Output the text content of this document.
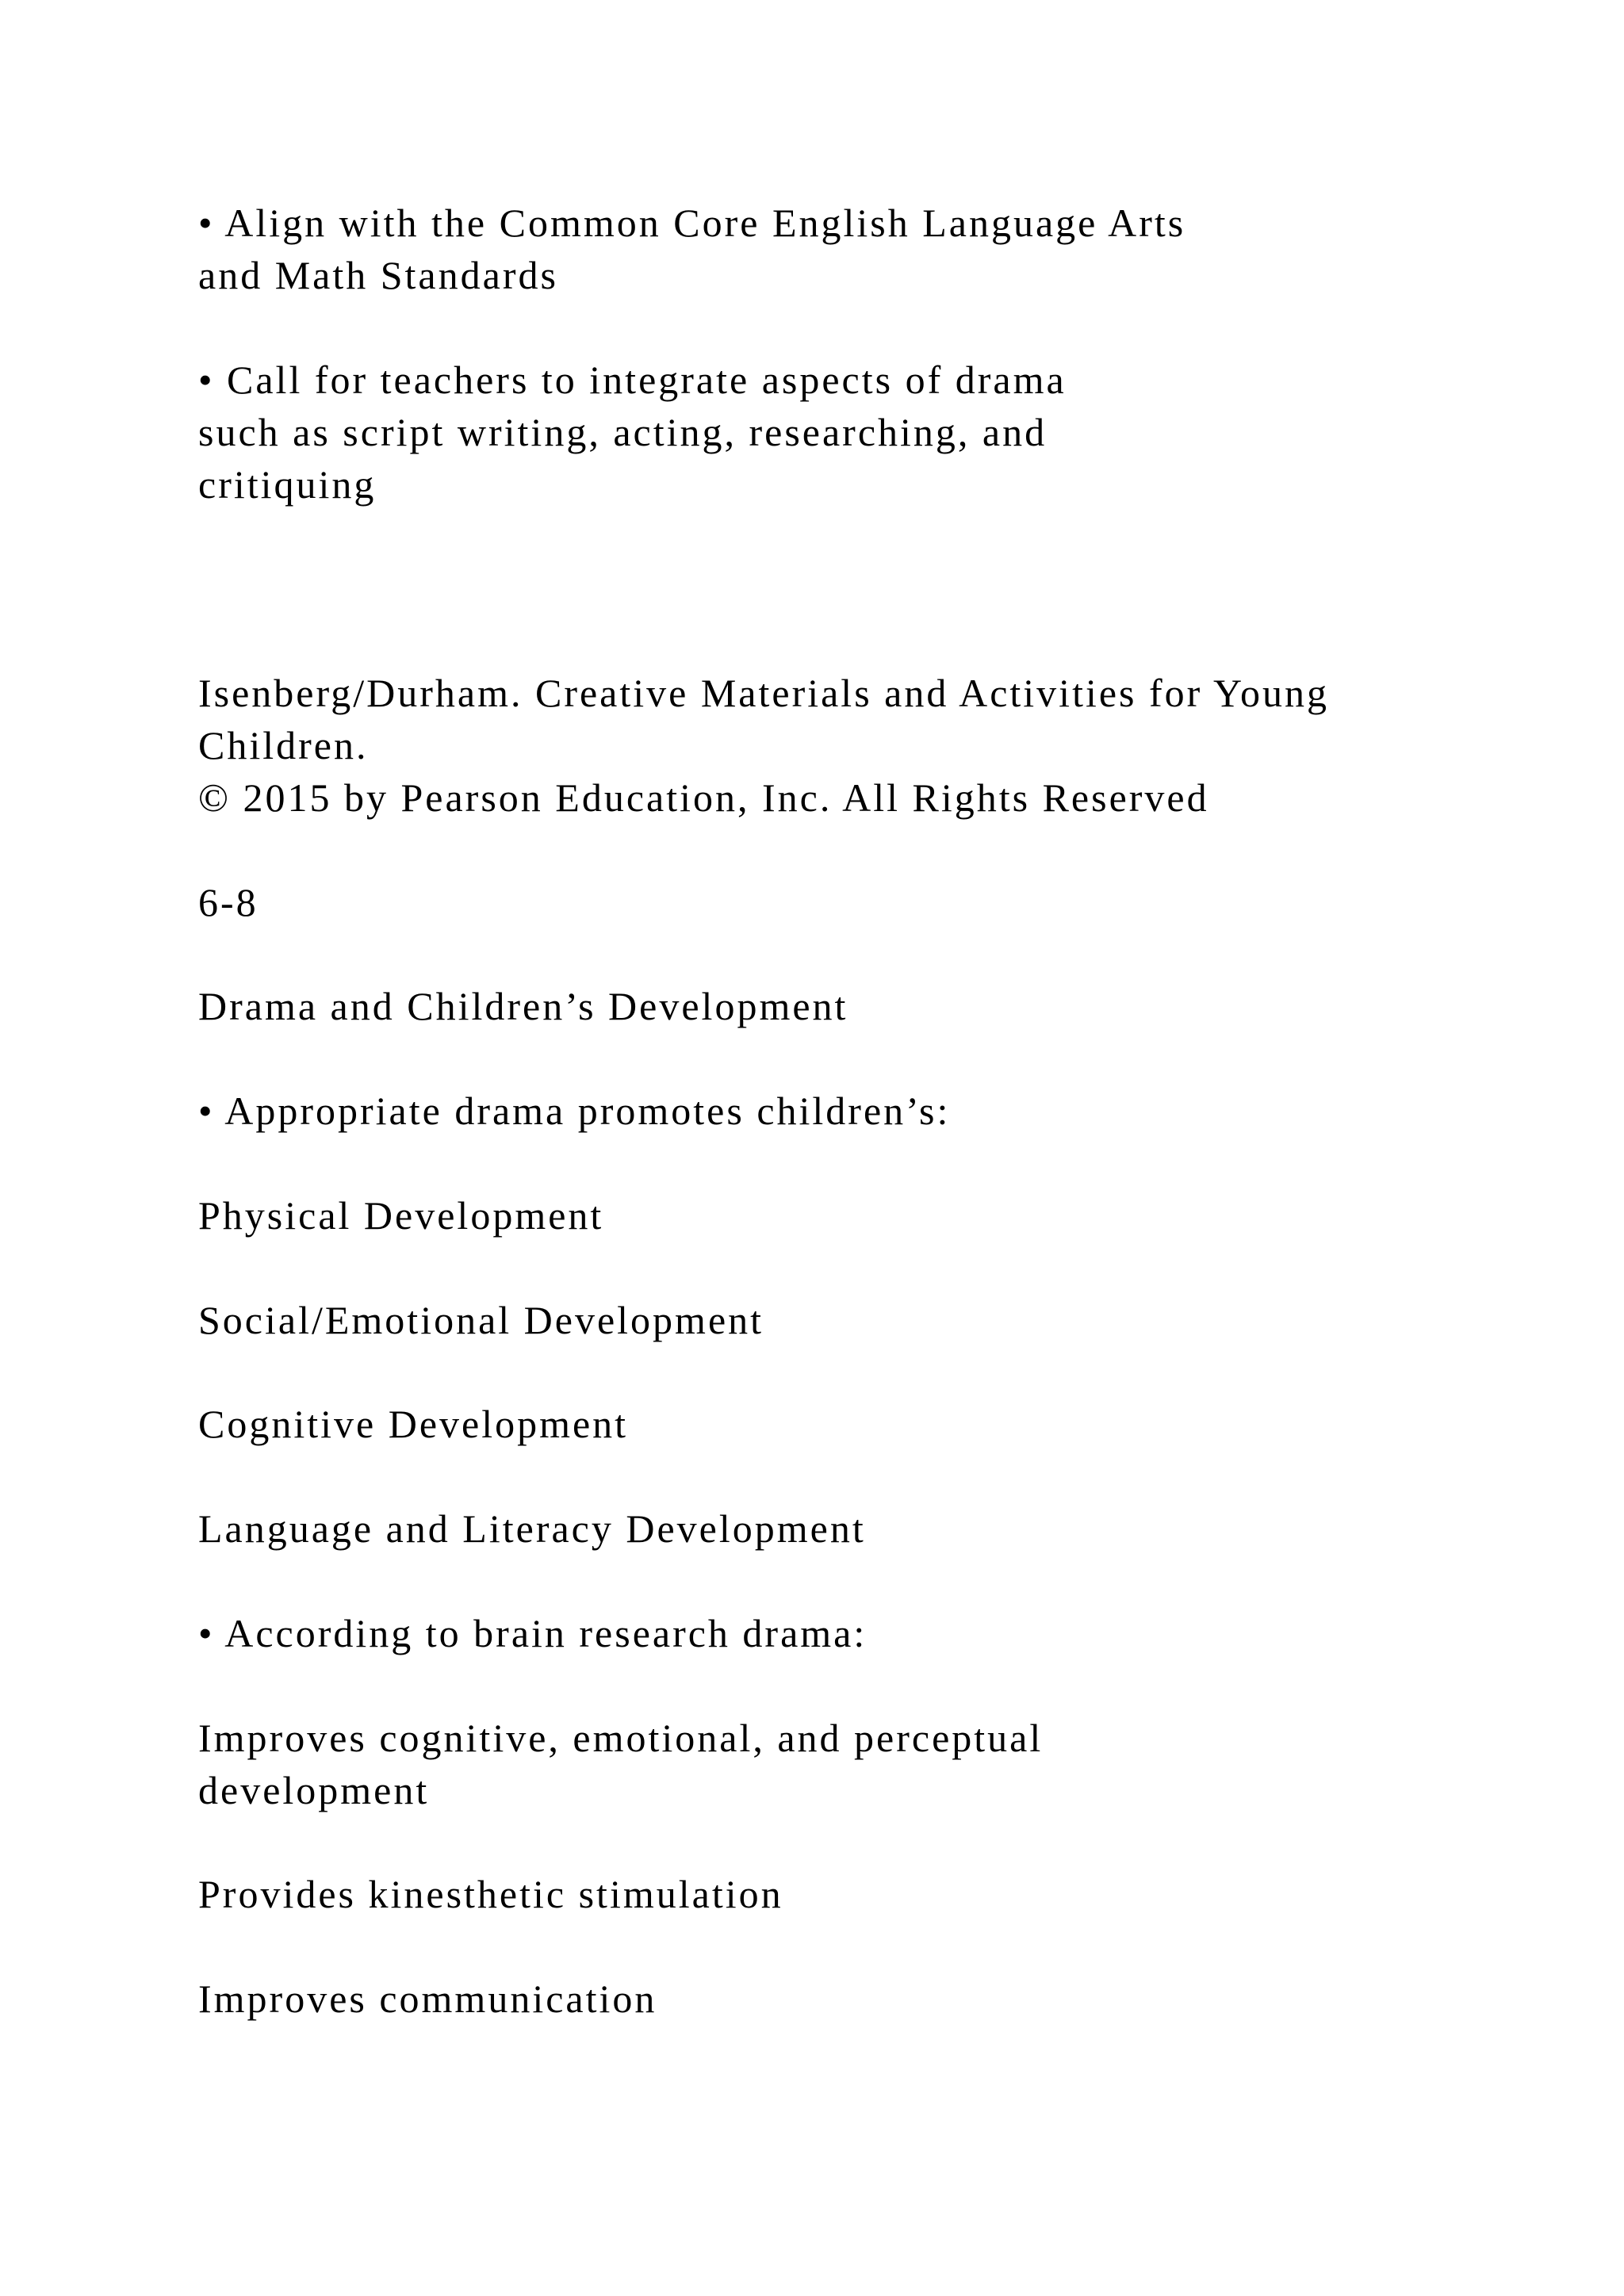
• Align with the Common Core English Language Arts
and Math Standards
• Call for teachers to integrate aspects of drama
such as script writing, acting, researching, and
critiquing
Isenberg/Durham. Creative Materials and Activities for Young
Children.
© 2015 by Pearson Education, Inc. All Rights Reserved
6-8
Drama and Children’s Development
• Appropriate drama promotes children’s:
Physical Development
Social/Emotional Development
Cognitive Development
Language and Literacy Development
• According to brain research drama:
Improves cognitive, emotional, and perceptual
development
Provides kinesthetic stimulation
Improves communication
